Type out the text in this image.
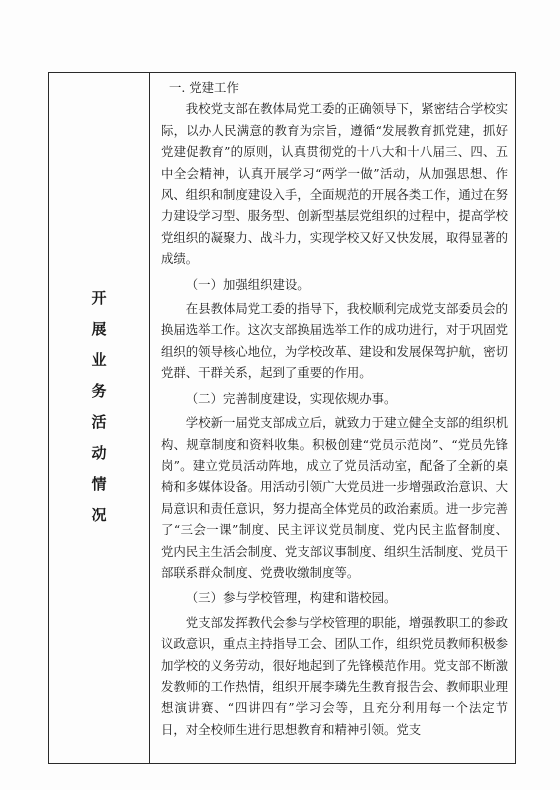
开
展
业
务
活
动
情
况

一. 党建工作

我校党支部在教体局党工委的正确领导下，紧密结合学校实际，以办人民满意的教育为宗旨，遵循“发展教育抓党建，抓好党建促教育”的原则，认真贯彻党的十八大和十八届三、四、五中全会精神，认真开展学习“两学一做”活动，从加强思想、作风、组织和制度建设入手，全面规范的开展各类工作，通过在努力建设学习型、服务型、创新型基层党组织的过程中，提高学校党组织的凝聚力、战斗力，实现学校又好又快发展，取得显著的成绩。

（一）加强组织建设。

在县教体局党工委的指导下，我校顺利完成党支部委员会的换届选举工作。这次支部换届选举工作的成功进行，对于巩固党组织的领导核心地位，为学校改革、建设和发展保驾护航，密切党群、干群关系，起到了重要的作用。

（二）完善制度建设，实现依规办事。

学校新一届党支部成立后，就致力于建立健全支部的组织机构、规章制度和资料收集。积极创建“党员示范岗”、“党员先锋岗”。建立党员活动阵地，成立了党员活动室，配备了全新的桌椅和多媒体设备。用活动引领广大党员进一步增强政治意识、大局意识和责任意识，努力提高全体党员的政治素质。进一步完善了“三会一课”制度、民主评议党员制度、党内民主监督制度、党内民主生活会制度、党支部议事制度、组织生活制度、党员干部联系群众制度、党费收缴制度等。

（三）参与学校管理，构建和谐校园。

党支部发挥教代会参与学校管理的职能，增强教职工的参政议政意识，重点主持指导工会、团队工作，组织党员教师积极参加学校的义务劳动，很好地起到了先锋模范作用。党支部不断激发教师的工作热情，组织开展李璘先生教育报告会、教师职业理想演讲赛、“四讲四有”学习会等，且充分利用每一个法定节日，对全校师生进行思想教育和精神引领。党支
